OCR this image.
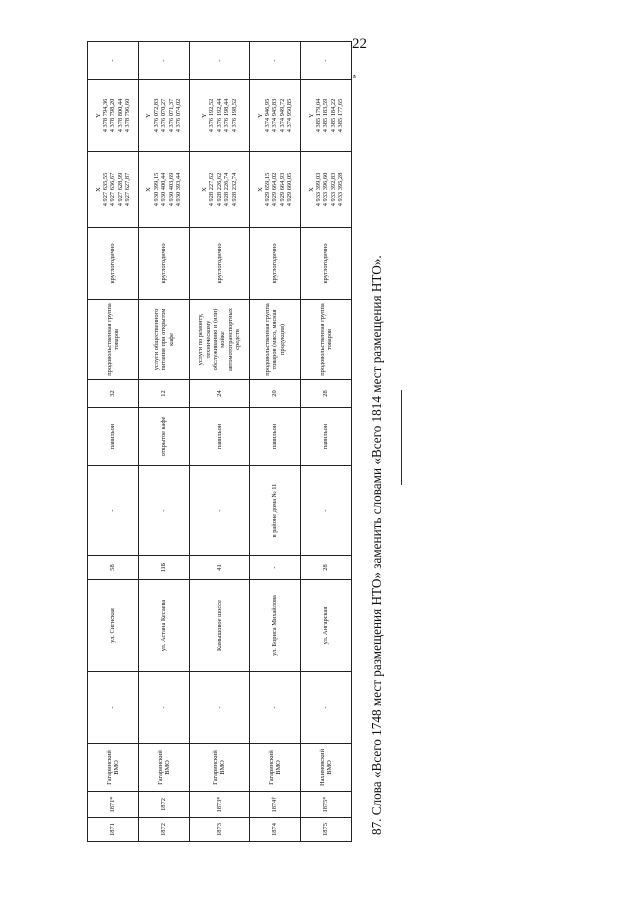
22
»
1871	1871*	Гагаринский ВМО	-	ул. Сигнская	58	-	павильон	32	продовольственная группа товаров	круглогодично	X 4 927 635,55 4 927 636,67 4 927 628,99 4 927 627,87	Y 4 378 794,36 4 378 798,20 4 378 800,44 4 378 796,60	-
1872	1872	Гагаринский ВМО	-	ул. Астана Кесаева	11Б	-	открытое кафе	12	услуги общественного питания при открытом кафе	круглогодично	X 4 930 399,15 4 930 400,44 4 930 403,69 4 930 393,44	Y 4 376 072,83 4 376 070,27 4 376 071,37 4 376 074,02	-
1873	1873*	Гагаринский ВМО	-	Камышовое шоссе	41	-	павильон	24	услуги по ремонту, техническому обслуживанию и (или) мойке автомототранспортных средств	круглогодично	X 4 928 227,62 4 928 226,62 4 928 226,74 4 928 232,74	Y 4 376 192,52 4 376 192,44 4 376 198,44 4 376 198,52	-
1874	1874†	Гагаринский ВМО	-	ул. Бориса Михайлова	-	в районе дома № 11	павильон	20	продовольственная группа товаров (мясо, мясная продукция)	круглогодично	X 4 929 659,15 4 929 664,02 4 929 664,93 4 929 660,05	Y 4 374 946,95 4 374 945,83 4 374 949,72 4 374 950,85	-
1875	1875*	Нахимовский ВМО	-	ул. Ангарская	28	-	павильон	28	продовольственная группа товаров	круглогодично	X 4 933 399,03 4 933 396,60 4 933 392,83 4 933 395,28	Y 4 385 179,04 4 385 183,59 4 385 184,22 4 385 177,65	-
87. Слова «Всего 1748 мест размещения НТО» заменить словами «Всего 1814 мест размещения НТО».
